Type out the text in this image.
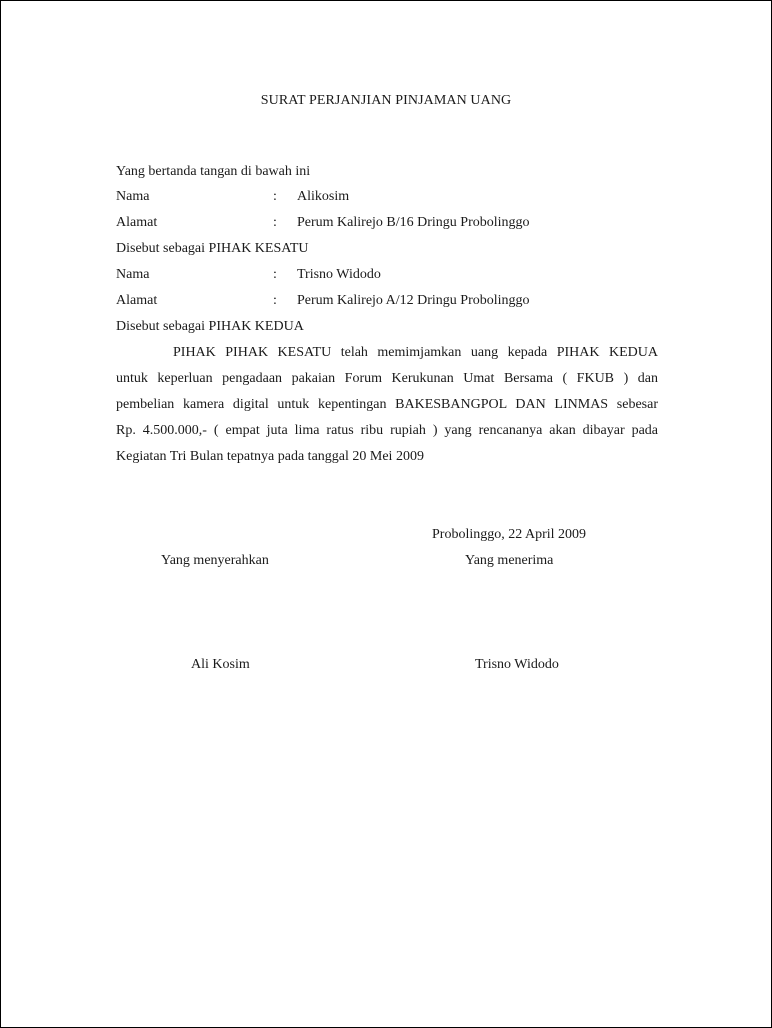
SURAT PERJANJIAN PINJAMAN UANG
Yang bertanda tangan di bawah ini
Nama	: Alikosim
Alamat	: Perum Kalirejo B/16 Dringu Probolinggo
Disebut sebagai PIHAK KESATU
Nama	: Trisno Widodo
Alamat	: Perum Kalirejo A/12 Dringu Probolinggo
Disebut sebagai PIHAK KEDUA
PIHAK PIHAK KESATU telah memimjamkan uang kepada PIHAK KEDUA
untuk keperluan pengadaan pakaian Forum Kerukunan Umat Bersama ( FKUB ) dan
pembelian kamera digital untuk kepentingan BAKESBANGPOL DAN LINMAS sebesar
Rp. 4.500.000,- ( empat juta lima ratus ribu rupiah ) yang rencananya akan dibayar pada
Kegiatan Tri Bulan tepatnya pada tanggal 20 Mei 2009
Probolinggo, 22 April 2009
Yang menyerahkan	Yang menerima
Ali Kosim	Trisno Widodo
